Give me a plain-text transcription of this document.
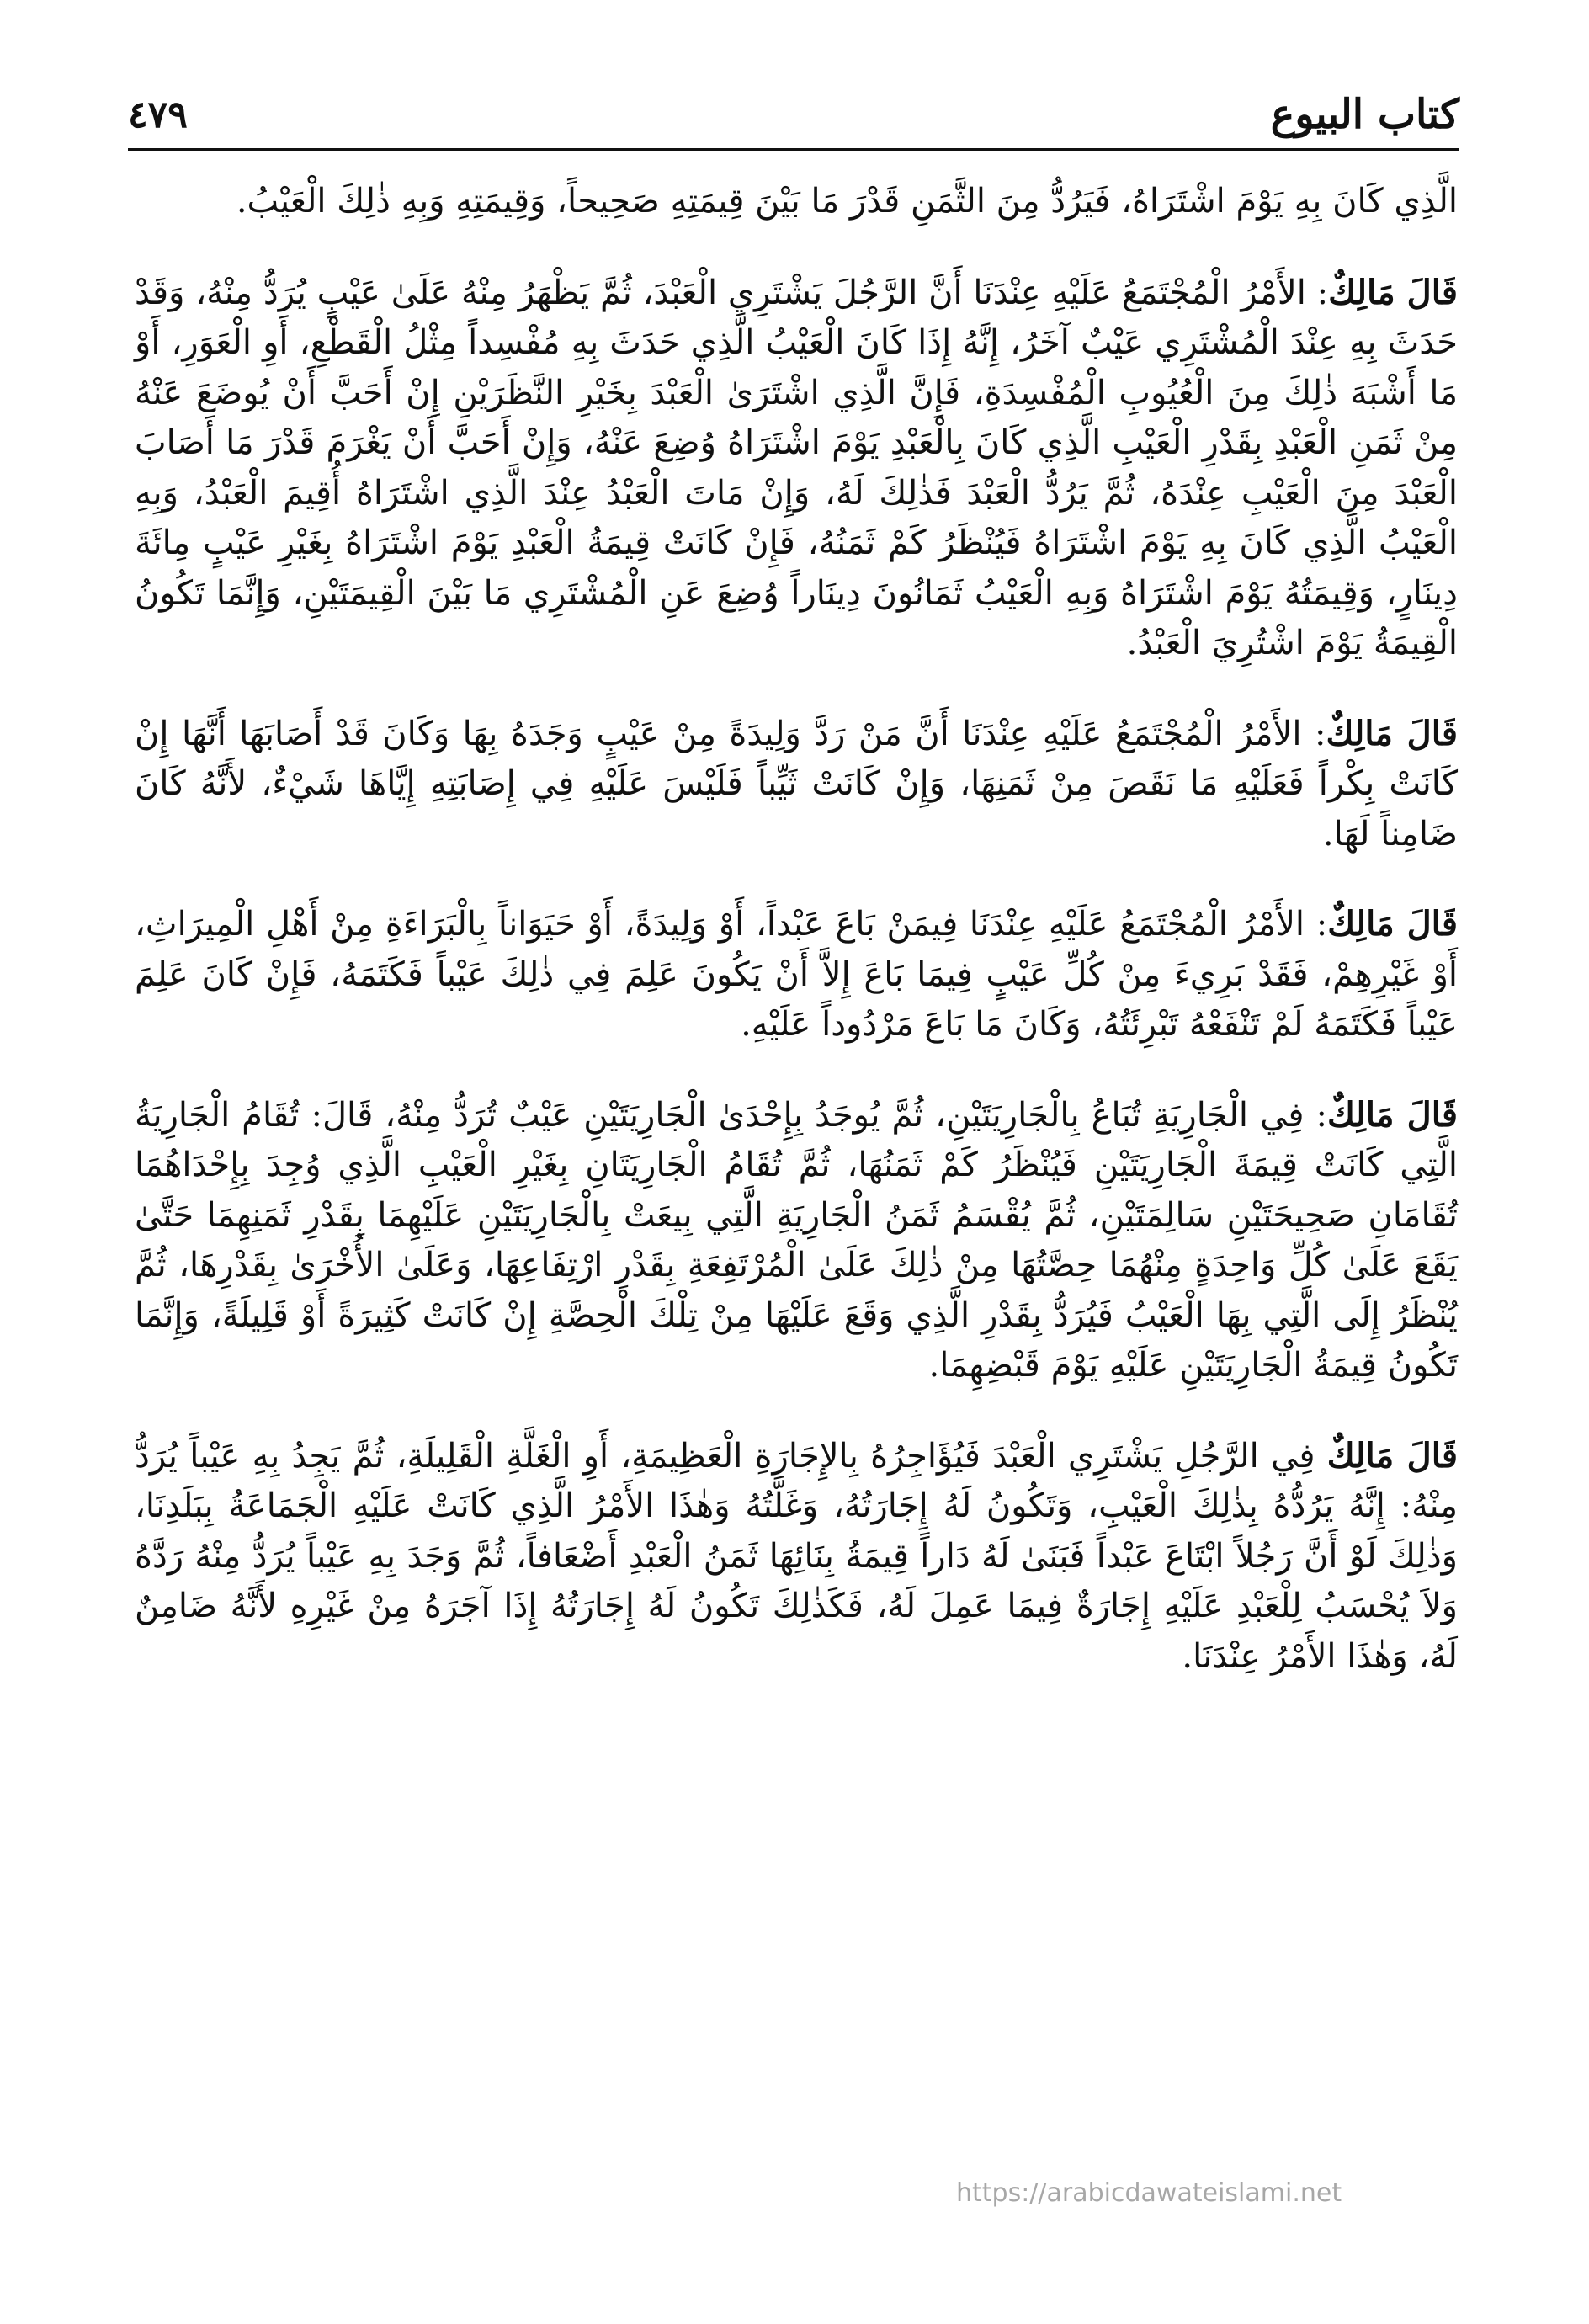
كتاب البيوع
٤٧٩

الَّذِي كَانَ بِهِ يَوْمَ اشْتَرَاهُ، فَيَرُدُّ مِنَ الثَّمَنِ قَدْرَ مَا بَيْنَ قِيمَتِهِ صَحِيحاً، وَقِيمَتِهِ وَبِهِ ذٰلِكَ الْعَيْبُ.

قَالَ مَالِكٌ: الأَمْرُ الْمُجْتَمَعُ عَلَيْهِ عِنْدَنَا أَنَّ الرَّجُلَ يَشْتَرِي الْعَبْدَ، ثُمَّ يَظْهَرُ مِنْهُ عَلَىٰ عَيْبٍ يُرَدُّ مِنْهُ، وَقَدْ حَدَثَ بِهِ عِنْدَ الْمُشْتَرِي عَيْبٌ آخَرُ، إِنَّهُ إِذَا كَانَ الْعَيْبُ الَّذِي حَدَثَ بِهِ مُفْسِداً مِثْلُ الْقَطْعِ، أَوِ الْعَوَرِ، أَوْ مَا أَشْبَهَ ذٰلِكَ مِنَ الْعُيُوبِ الْمُفْسِدَةِ، فَإِنَّ الَّذِي اشْتَرَىٰ الْعَبْدَ بِخَيْرِ النَّظَرَيْنِ إِنْ أَحَبَّ أَنْ يُوضَعَ عَنْهُ مِنْ ثَمَنِ الْعَبْدِ بِقَدْرِ الْعَيْبِ الَّذِي كَانَ بِالْعَبْدِ يَوْمَ اشْتَرَاهُ وُضِعَ عَنْهُ، وَإِنْ أَحَبَّ أَنْ يَغْرَمَ قَدْرَ مَا أَصَابَ الْعَبْدَ مِنَ الْعَيْبِ عِنْدَهُ، ثُمَّ يَرُدُّ الْعَبْدَ فَذٰلِكَ لَهُ، وَإِنْ مَاتَ الْعَبْدُ عِنْدَ الَّذِي اشْتَرَاهُ أُقِيمَ الْعَبْدُ، وَبِهِ الْعَيْبُ الَّذِي كَانَ بِهِ يَوْمَ اشْتَرَاهُ فَيُنْظَرُ كَمْ ثَمَنُهُ، فَإِنْ كَانَتْ قِيمَةُ الْعَبْدِ يَوْمَ اشْتَرَاهُ بِغَيْرِ عَيْبٍ مِائَةَ دِينَارٍ، وَقِيمَتُهُ يَوْمَ اشْتَرَاهُ وَبِهِ الْعَيْبُ ثَمَانُونَ دِينَاراً وُضِعَ عَنِ الْمُشْتَرِي مَا بَيْنَ الْقِيمَتَيْنِ، وَإِنَّمَا تَكُونُ الْقِيمَةُ يَوْمَ اشْتُرِيَ الْعَبْدُ.

قَالَ مَالِكٌ: الأَمْرُ الْمُجْتَمَعُ عَلَيْهِ عِنْدَنَا أَنَّ مَنْ رَدَّ وَلِيدَةً مِنْ عَيْبٍ وَجَدَهُ بِهَا وَكَانَ قَدْ أَصَابَهَا أَنَّهَا إِنْ كَانَتْ بِكْراً فَعَلَيْهِ مَا نَقَصَ مِنْ ثَمَنِهَا، وَإِنْ كَانَتْ ثَيِّباً فَلَيْسَ عَلَيْهِ فِي إِصَابَتِهِ إِيَّاهَا شَيْءٌ، لأَنَّهُ كَانَ ضَامِناً لَهَا.

قَالَ مَالِكٌ: الأَمْرُ الْمُجْتَمَعُ عَلَيْهِ عِنْدَنَا فِيمَنْ بَاعَ عَبْداً، أَوْ وَلِيدَةً، أَوْ حَيَوَاناً بِالْبَرَاءَةِ مِنْ أَهْلِ الْمِيرَاثِ، أَوْ غَيْرِهِمْ، فَقَدْ بَرِيءَ مِنْ كُلِّ عَيْبٍ فِيمَا بَاعَ إِلاَّ أَنْ يَكُونَ عَلِمَ فِي ذٰلِكَ عَيْباً فَكَتَمَهُ، فَإِنْ كَانَ عَلِمَ عَيْباً فَكَتَمَهُ لَمْ تَنْفَعْهُ تَبْرِئَتُهُ، وَكَانَ مَا بَاعَ مَرْدُوداً عَلَيْهِ.

قَالَ مَالِكٌ: فِي الْجَارِيَةِ تُبَاعُ بِالْجَارِيَتَيْنِ، ثُمَّ يُوجَدُ بِإِحْدَىٰ الْجَارِيَتَيْنِ عَيْبٌ تُرَدُّ مِنْهُ، قَالَ: تُقَامُ الْجَارِيَةُ الَّتِي كَانَتْ قِيمَةَ الْجَارِيَتَيْنِ فَيُنْظَرُ كَمْ ثَمَنُهَا، ثُمَّ تُقَامُ الْجَارِيَتَانِ بِغَيْرِ الْعَيْبِ الَّذِي وُجِدَ بِإِحْدَاهُمَا تُقَامَانِ صَحِيحَتَيْنِ سَالِمَتَيْنِ، ثُمَّ يُقْسَمُ ثَمَنُ الْجَارِيَةِ الَّتِي بِيعَتْ بِالْجَارِيَتَيْنِ عَلَيْهِمَا بِقَدْرِ ثَمَنِهِمَا حَتَّىٰ يَقَعَ عَلَىٰ كُلِّ وَاحِدَةٍ مِنْهُمَا حِصَّتُهَا مِنْ ذٰلِكَ عَلَىٰ الْمُرْتَفِعَةِ بِقَدْرِ ارْتِفَاعِهَا، وَعَلَىٰ الأُخْرَىٰ بِقَدْرِهَا، ثُمَّ يُنْظَرُ إِلَى الَّتِي بِهَا الْعَيْبُ فَيُرَدُّ بِقَدْرِ الَّذِي وَقَعَ عَلَيْهَا مِنْ تِلْكَ الْحِصَّةِ إِنْ كَانَتْ كَثِيرَةً أَوْ قَلِيلَةً، وَإِنَّمَا تَكُونُ قِيمَةُ الْجَارِيَتَيْنِ عَلَيْهِ يَوْمَ قَبْضِهِمَا.

قَالَ مَالِكٌ فِي الرَّجُلِ يَشْتَرِي الْعَبْدَ فَيُؤَاجِرُهُ بِالإِجَارَةِ الْعَظِيمَةِ، أَوِ الْغَلَّةِ الْقَلِيلَةِ، ثُمَّ يَجِدُ بِهِ عَيْباً يُرَدُّ مِنْهُ: إِنَّهُ يَرُدُّهُ بِذٰلِكَ الْعَيْبِ، وَتَكُونُ لَهُ إِجَارَتُهُ، وَغَلَّتُهُ وَهٰذَا الأَمْرُ الَّذِي كَانَتْ عَلَيْهِ الْجَمَاعَةُ بِبَلَدِنَا، وَذٰلِكَ لَوْ أَنَّ رَجُلاً ابْتَاعَ عَبْداً فَبَنَىٰ لَهُ دَاراً قِيمَةُ بِنَائِهَا ثَمَنُ الْعَبْدِ أَضْعَافاً، ثُمَّ وَجَدَ بِهِ عَيْباً يُرَدُّ مِنْهُ رَدَّهُ وَلاَ يُحْسَبُ لِلْعَبْدِ عَلَيْهِ إِجَارَةٌ فِيمَا عَمِلَ لَهُ، فَكَذٰلِكَ تَكُونُ لَهُ إِجَارَتُهُ إِذَا آجَرَهُ مِنْ غَيْرِهِ لأَنَّهُ ضَامِنٌ لَهُ، وَهٰذَا الأَمْرُ عِنْدَنَا.

https://arabicdawateislami.net
